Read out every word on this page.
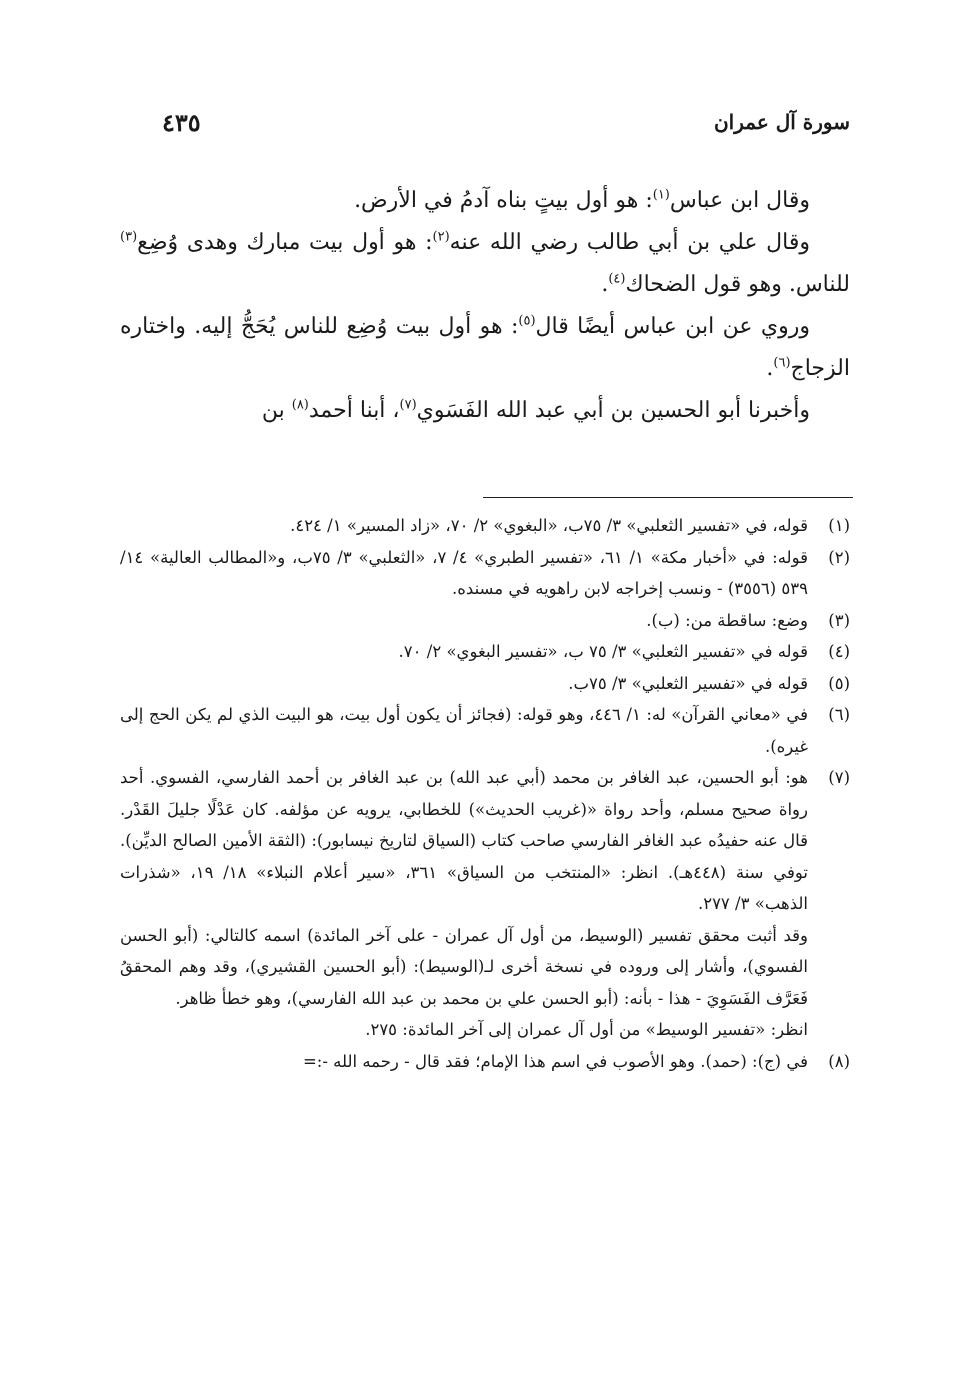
سورة آل عمران
٤٣٥

وقال ابن عباس$^{(١)}$: هو أول بيتٍ بناه آدمُ في الأرض.

وقال علي بن أبي طالب رضي الله عنه$^{(٢)}$: هو أول بيت مبارك وهدى وُضِع$^{(٣)}$ للناس. وهو قول الضحاك$^{(٤)}$.

وروي عن ابن عباس أيضًا قال$^{(٥)}$: هو أول بيت وُضِع للناس يُحَجُّ إليه. واختاره الزجاج$^{(٦)}$.

وأخبرنا أبو الحسين بن أبي عبد الله الفَسَوي$^{(٧)}$، أبنا أحمد$^{(٨)}$ بن

(١)
قوله، في «تفسير الثعلبي» ٣/ ٧٥ب، «البغوي» ٢/ ٧٠، «زاد المسير» ١/ ٤٢٤.
(٢)
قوله: في «أخبار مكة» ١/ ٦١، «تفسير الطبري» ٤/ ٧، «الثعلبي» ٣/ ٧٥ب، و«المطالب العالية» ١٤/ ٥٣٩ (٣٥٥٦) - ونسب إخراجه لابن راهويه في مسنده.
(٣)
وضع: ساقطة من: (ب).
(٤)
قوله في «تفسير الثعلبي» ٣/ ٧٥ ب، «تفسير البغوي» ٢/ ٧٠.
(٥)
قوله في «تفسير الثعلبي» ٣/ ٧٥ب.
(٦)
في «معاني القرآن» له: ١/ ٤٤٦، وهو قوله: (فجائز أن يكون أول بيت، هو البيت الذي لم يكن الحج إلى غيره).
(٧)
هو: أبو الحسين، عبد الغافر بن محمد (أبي عبد الله) بن عبد الغافر بن أحمد الفارسي، الفسوي. أحد رواة صحيح مسلم، وأحد رواة «(غريب الحديث») للخطابي، يرويه عن مؤلفه. كان عَدْلًا جليلَ القَدْر. قال عنه حفيدُه عبد الغافر الفارسي صاحب كتاب (السياق لتاريخ نيسابور): (الثقة الأمين الصالح الديِّن). توفي سنة (٤٤٨هـ). انظر: «المنتخب من السياق» ٣٦١، «سير أعلام النبلاء» ١٨/ ١٩، «شذرات الذهب» ٣/ ٢٧٧.
وقد أثبت محقق تفسير (الوسيط، من أول آل عمران - على آخر المائدة) اسمه كالتالي: (أبو الحسن الفسوي)، وأشار إلى وروده في نسخة أخرى لـ(الوسيط): (أبو الحسين القشيري)، وقد وهم المحققُ فَعَرَّف الفَسَوِيَ - هذا - بأنه: (أبو الحسن علي بن محمد بن عبد الله الفارسي)، وهو خطأ ظاهر.
انظر: «تفسير الوسيط» من أول آل عمران إلى آخر المائدة: ٢٧٥.
(٨)
في (ج): (حمد). وهو الأصوب في اسم هذا الإمام؛ فقد قال - رحمه الله -:=
